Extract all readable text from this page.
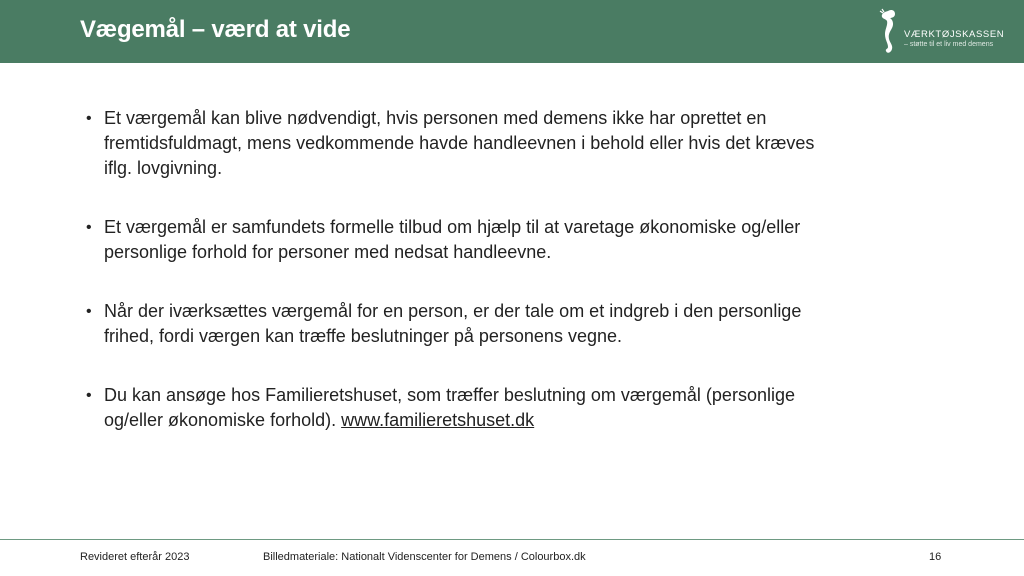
Vægemål – værd at vide	VÆRKTØJSKASSEN
– støtte til et liv med demens
• Et værgemål kan blive nødvendigt, hvis personen med demens ikke har oprettet en fremtidsfuldmagt, mens vedkommende havde handleevnen i behold eller hvis det kræves iflg. lovgivning.
• Et værgemål er samfundets formelle tilbud om hjælp til at varetage økonomiske og/eller personlige forhold for personer med nedsat handleevne.
• Når der iværksættes værgemål for en person, er der tale om et indgreb i den personlige frihed, fordi værgen kan træffe beslutninger på personens vegne.
• Du kan ansøge hos Familieretshuset, som træffer beslutning om værgemål (personlige og/eller økonomiske forhold). www.familieretshuset.dk
Revideret efterår 2023	Billedmateriale: Nationalt Videnscenter for Demens / Colourbox.dk	16
